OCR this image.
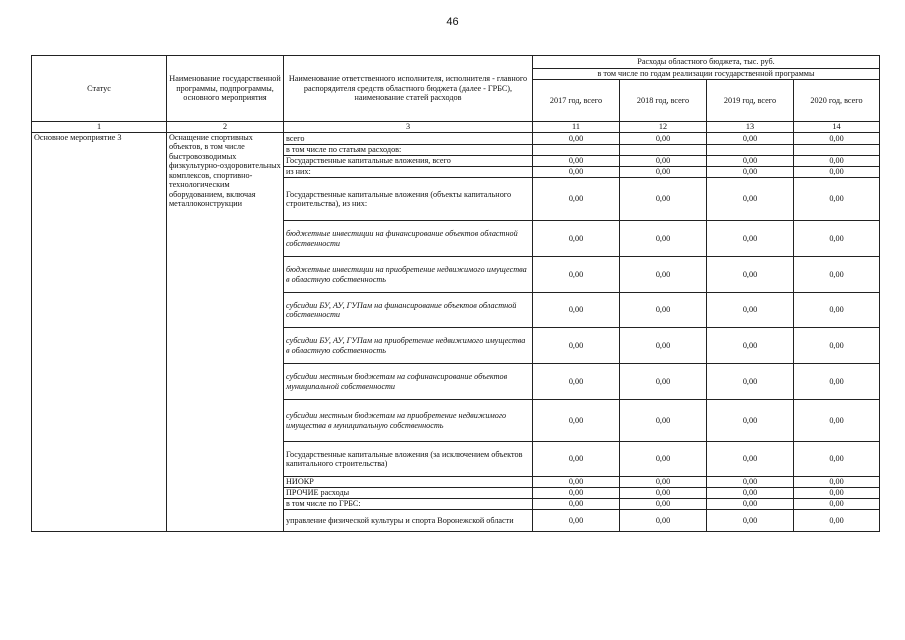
46
Статус	Наименование государственной программы, подпрограммы, основного мероприятия	Наименование ответственного исполнителя, исполнителя - главного распорядителя средств областного бюджета (далее - ГРБС), наименование статей расходов	Расходы областного бюджета, тыс. руб.			
			в том числе по годам реализации государственной программы			
			2017 год, всего	2018 год, всего	2019 год, всего	2020 год, всего
1	2	3	11	12	13	14
Основное мероприятие 3	Оснащение спортивных объектов, в том числе быстровозводимых физкультурно-оздоровительных комплексов, спортивно-технологическим оборудованием, включая металлоконструкции	всего	0,00	0,00	0,00	0,00
		в том числе по статьям расходов:				
		Государственные капитальные вложения, всего	0,00	0,00	0,00	0,00
		из них:	0,00	0,00	0,00	0,00
		Государственные капитальные вложения (объекты капитального строительства), из них:	0,00	0,00	0,00	0,00
		бюджетные инвестиции на финансирование объектов областной собственности	0,00	0,00	0,00	0,00
		бюджетные инвестиции на приобретение недвижимого имущества в областную собственность	0,00	0,00	0,00	0,00
		субсидии БУ, АУ, ГУПам на финансирование объектов областной собственности	0,00	0,00	0,00	0,00
		субсидии БУ, АУ, ГУПам на приобретение недвижимого имущества в областную собственность	0,00	0,00	0,00	0,00
		субсидии местным бюджетам на софинансирование объектов муниципальной собственности	0,00	0,00	0,00	0,00
		субсидии местным бюджетам на приобретение недвижимого имущества в муниципальную собственность	0,00	0,00	0,00	0,00
		Государственные капитальные вложения (за исключением объектов капитального строительства)	0,00	0,00	0,00	0,00
		НИОКР	0,00	0,00	0,00	0,00
		ПРОЧИЕ расходы	0,00	0,00	0,00	0,00
		в том числе по ГРБС:	0,00	0,00	0,00	0,00
		управление физической культуры и спорта Воронежской области	0,00	0,00	0,00	0,00
